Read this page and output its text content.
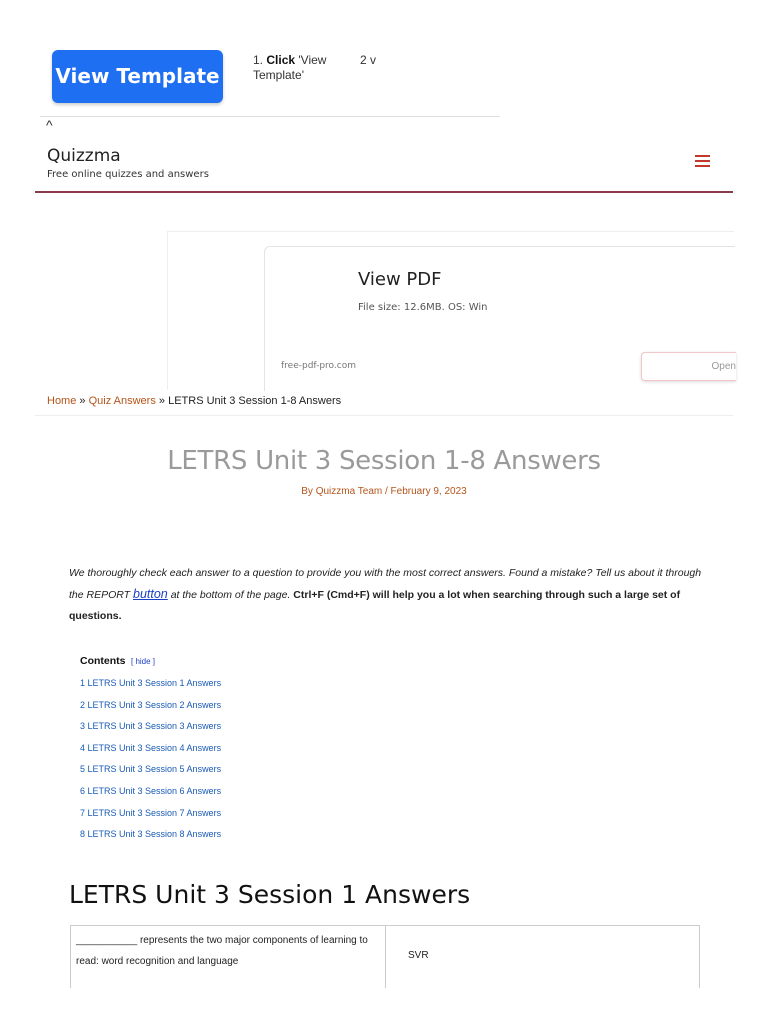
View Template
1. Click 'View Template'
2 v
^
Quizzma
Free online quizzes and answers
View PDF
File size: 12.6MB. OS: Win
free-pdf-pro.com	Open
Home » Quiz Answers » LETRS Unit 3 Session 1-8 Answers
LETRS Unit 3 Session 1-8 Answers
By Quizzma Team / February 9, 2023
We thoroughly check each answer to a question to provide you with the most correct answers. Found a mistake? Tell us about it through the REPORT button at the bottom of the page. Ctrl+F (Cmd+F) will help you a lot when searching through such a large set of questions.
Contents [ hide ]
1 LETRS Unit 3 Session 1 Answers
2 LETRS Unit 3 Session 2 Answers
3 LETRS Unit 3 Session 3 Answers
4 LETRS Unit 3 Session 4 Answers
5 LETRS Unit 3 Session 5 Answers
6 LETRS Unit 3 Session 6 Answers
7 LETRS Unit 3 Session 7 Answers
8 LETRS Unit 3 Session 8 Answers
LETRS Unit 3 Session 1 Answers
___________ represents the two major components of learning to read: word recognition and language
SVR
